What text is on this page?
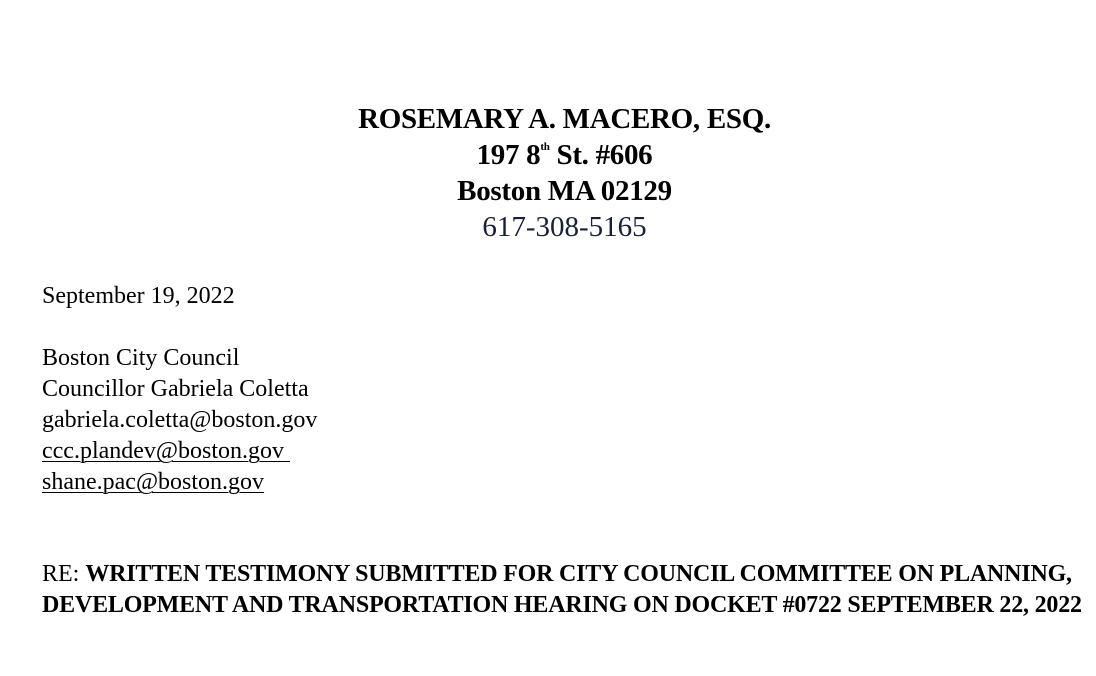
ROSEMARY A. MACERO, ESQ.
197 8th St. #606
Boston MA 02129
617-308-5165
September 19, 2022
Boston City Council
Councillor Gabriela Coletta
gabriela.coletta@boston.gov
ccc.plandev@boston.gov
shane.pac@boston.gov
RE: WRITTEN TESTIMONY SUBMITTED FOR CITY COUNCIL COMMITTEE ON PLANNING, DEVELOPMENT AND TRANSPORTATION HEARING ON DOCKET #0722 SEPTEMBER 22, 2022
